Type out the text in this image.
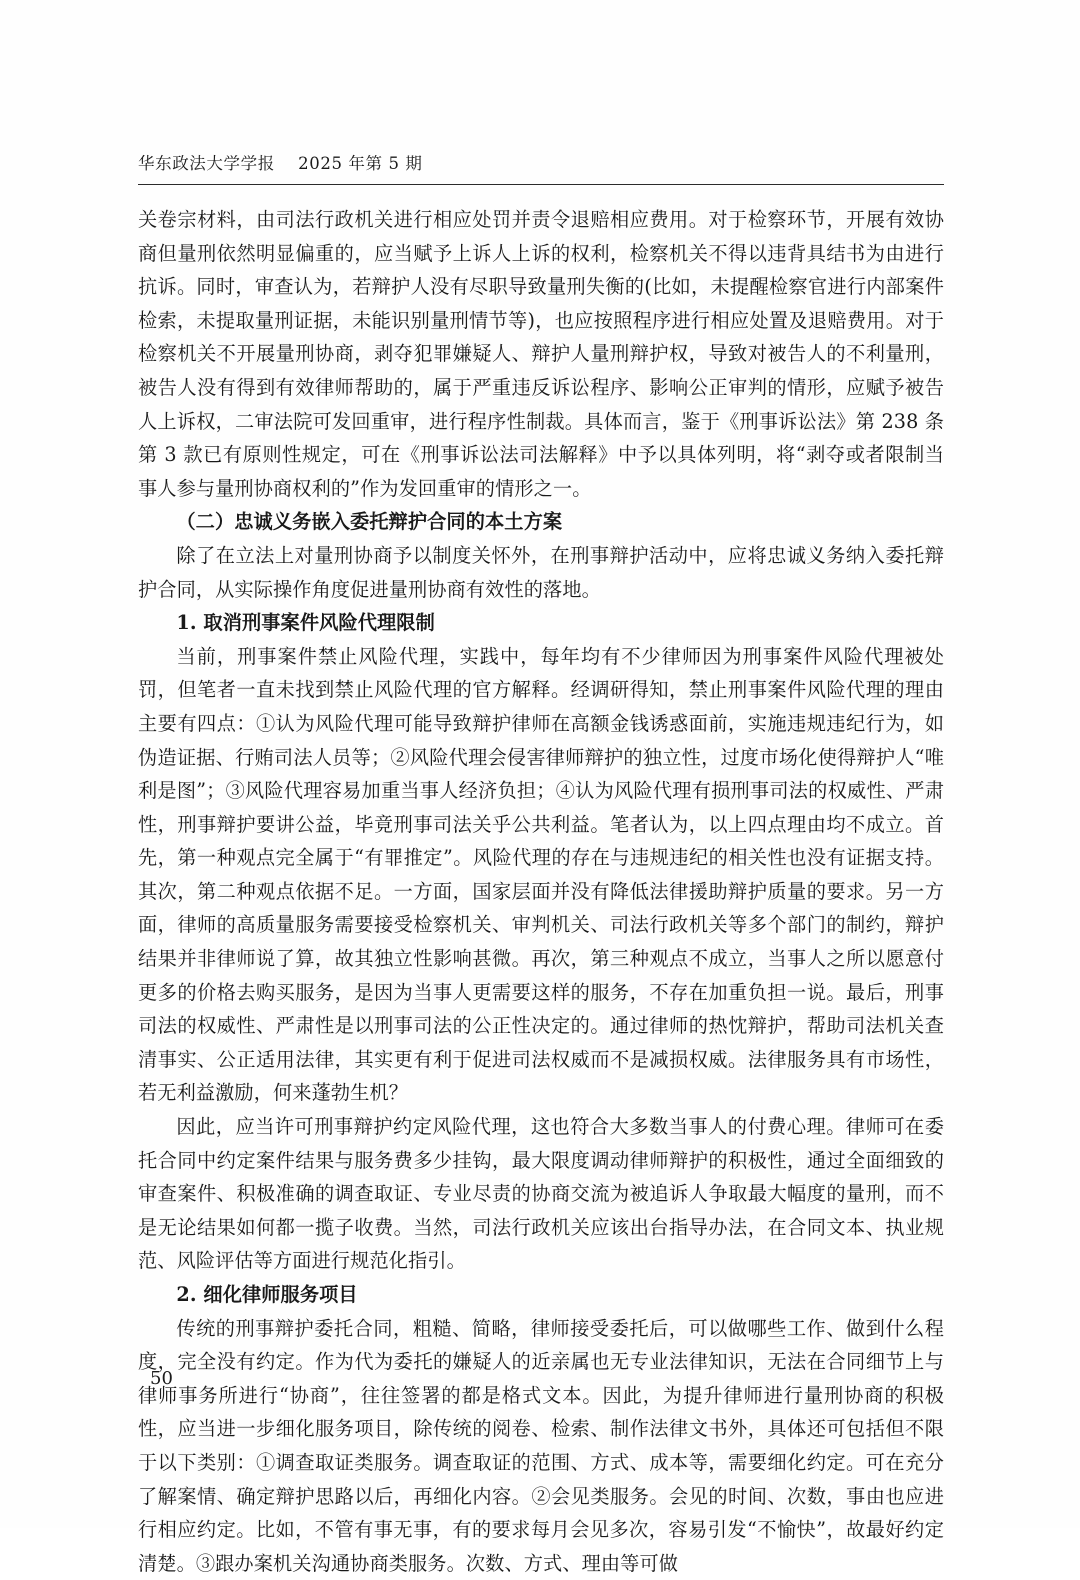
华东政法大学学报    2025 年第 5 期

关卷宗材料，由司法行政机关进行相应处罚并责令退赔相应费用。对于检察环节，开展有效协商但量刑依然明显偏重的，应当赋予上诉人上诉的权利，检察机关不得以违背具结书为由进行抗诉。同时，审查认为，若辩护人没有尽职导致量刑失衡的(比如，未提醒检察官进行内部案件检索，未提取量刑证据，未能识别量刑情节等)，也应按照程序进行相应处置及退赔费用。对于检察机关不开展量刑协商，剥夺犯罪嫌疑人、辩护人量刑辩护权，导致对被告人的不利量刑，被告人没有得到有效律师帮助的，属于严重违反诉讼程序、影响公正审判的情形，应赋予被告人上诉权，二审法院可发回重审，进行程序性制裁。具体而言，鉴于《刑事诉讼法》第 238 条第 3 款已有原则性规定，可在《刑事诉讼法司法解释》中予以具体列明，将“剥夺或者限制当事人参与量刑协商权利的”作为发回重审的情形之一。

（二）忠诚义务嵌入委托辩护合同的本土方案

除了在立法上对量刑协商予以制度关怀外，在刑事辩护活动中，应将忠诚义务纳入委托辩护合同，从实际操作角度促进量刑协商有效性的落地。

1. 取消刑事案件风险代理限制

当前，刑事案件禁止风险代理，实践中，每年均有不少律师因为刑事案件风险代理被处罚，但笔者一直未找到禁止风险代理的官方解释。经调研得知，禁止刑事案件风险代理的理由主要有四点：①认为风险代理可能导致辩护律师在高额金钱诱惑面前，实施违规违纪行为，如伪造证据、行贿司法人员等；②风险代理会侵害律师辩护的独立性，过度市场化使得辩护人“唯利是图”；③风险代理容易加重当事人经济负担；④认为风险代理有损刑事司法的权威性、严肃性，刑事辩护要讲公益，毕竟刑事司法关乎公共利益。笔者认为，以上四点理由均不成立。首先，第一种观点完全属于“有罪推定”。风险代理的存在与违规违纪的相关性也没有证据支持。其次，第二种观点依据不足。一方面，国家层面并没有降低法律援助辩护质量的要求。另一方面，律师的高质量服务需要接受检察机关、审判机关、司法行政机关等多个部门的制约，辩护结果并非律师说了算，故其独立性影响甚微。再次，第三种观点不成立，当事人之所以愿意付更多的价格去购买服务，是因为当事人更需要这样的服务，不存在加重负担一说。最后，刑事司法的权威性、严肃性是以刑事司法的公正性决定的。通过律师的热忱辩护，帮助司法机关查清事实、公正适用法律，其实更有利于促进司法权威而不是减损权威。法律服务具有市场性，若无利益激励，何来蓬勃生机？

因此，应当许可刑事辩护约定风险代理，这也符合大多数当事人的付费心理。律师可在委托合同中约定案件结果与服务费多少挂钩，最大限度调动律师辩护的积极性，通过全面细致的审查案件、积极准确的调查取证、专业尽责的协商交流为被追诉人争取最大幅度的量刑，而不是无论结果如何都一揽子收费。当然，司法行政机关应该出台指导办法，在合同文本、执业规范、风险评估等方面进行规范化指引。

2. 细化律师服务项目

传统的刑事辩护委托合同，粗糙、简略，律师接受委托后，可以做哪些工作、做到什么程度，完全没有约定。作为代为委托的嫌疑人的近亲属也无专业法律知识，无法在合同细节上与律师事务所进行“协商”，往往签署的都是格式文本。因此，为提升律师进行量刑协商的积极性，应当进一步细化服务项目，除传统的阅卷、检索、制作法律文书外，具体还可包括但不限于以下类别：①调查取证类服务。调查取证的范围、方式、成本等，需要细化约定。可在充分了解案情、确定辩护思路以后，再细化内容。②会见类服务。会见的时间、次数，事由也应进行相应约定。比如，不管有事无事，有的要求每月会见多次，容易引发“不愉快”，故最好约定清楚。③跟办案机关沟通协商类服务。次数、方式、理由等可做

50
